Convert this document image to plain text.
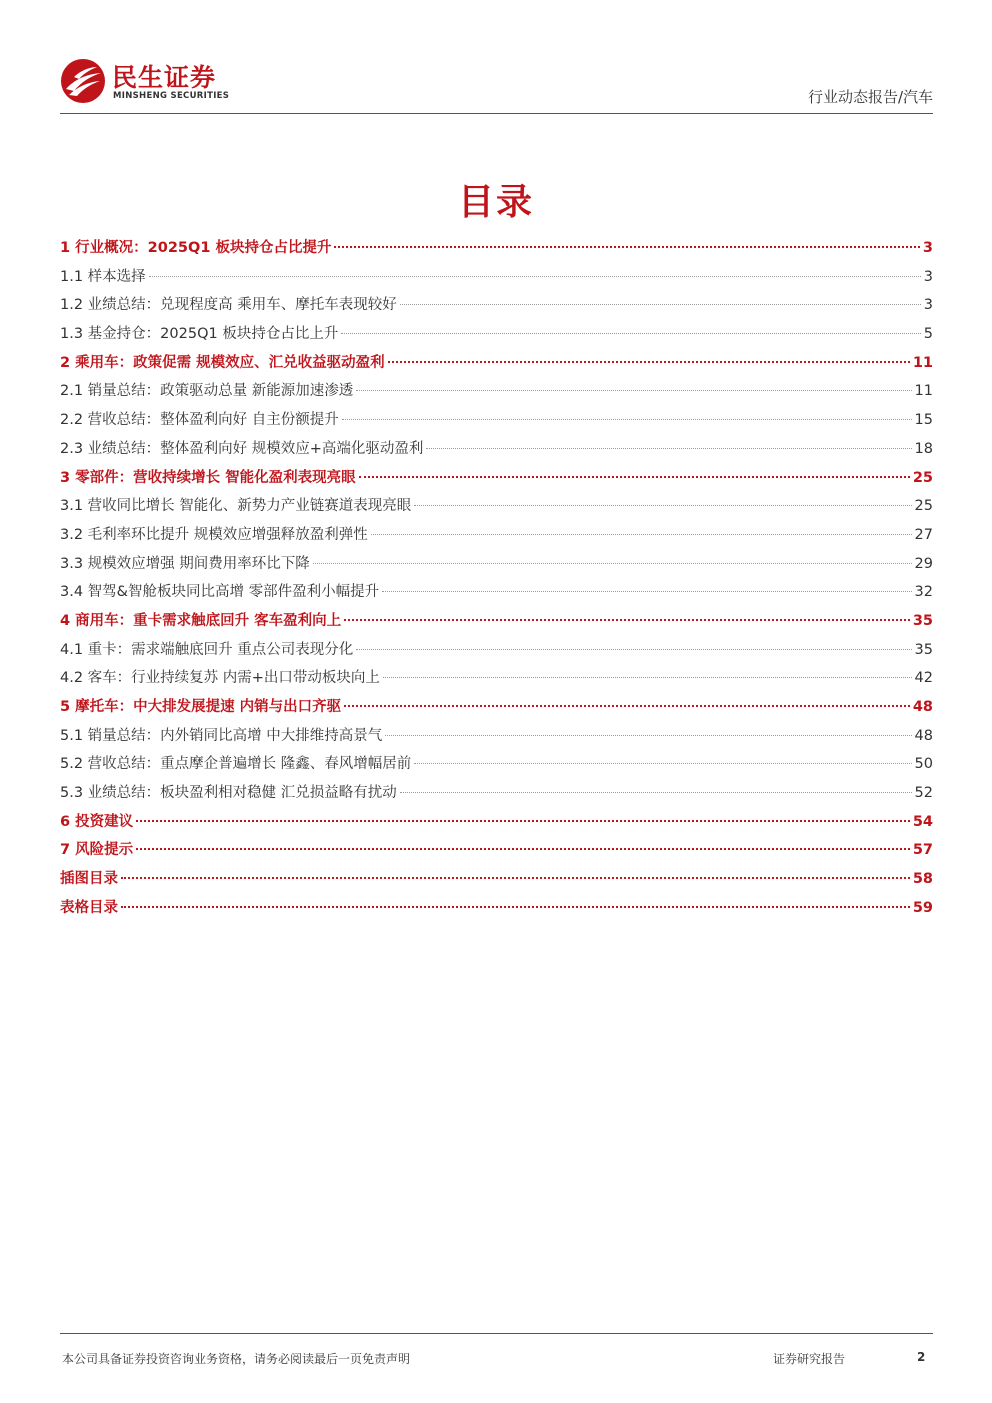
民生证券
MINSHENG SECURITIES	行业动态报告/汽车
目录
1 行业概况：2025Q1 板块持仓占比提升	3
1.1 样本选择	3
1.2 业绩总结：兑现程度高 乘用车、摩托车表现较好	3
1.3 基金持仓：2025Q1 板块持仓占比上升	5
2 乘用车：政策促需 规模效应、汇兑收益驱动盈利	11
2.1 销量总结：政策驱动总量 新能源加速渗透	11
2.2 营收总结：整体盈利向好 自主份额提升	15
2.3 业绩总结：整体盈利向好 规模效应+高端化驱动盈利	18
3 零部件：营收持续增长 智能化盈利表现亮眼	25
3.1 营收同比增长 智能化、新势力产业链赛道表现亮眼	25
3.2 毛利率环比提升 规模效应增强释放盈利弹性	27
3.3 规模效应增强 期间费用率环比下降	29
3.4 智驾&智舱板块同比高增 零部件盈利小幅提升	32
4 商用车：重卡需求触底回升 客车盈利向上	35
4.1 重卡：需求端触底回升 重点公司表现分化	35
4.2 客车：行业持续复苏 内需+出口带动板块向上	42
5 摩托车：中大排发展提速 内销与出口齐驱	48
5.1 销量总结：内外销同比高增 中大排维持高景气	48
5.2 营收总结：重点摩企普遍增长 隆鑫、春风增幅居前	50
5.3 业绩总结：板块盈利相对稳健 汇兑损益略有扰动	52
6 投资建议	54
7 风险提示	57
插图目录	58
表格目录	59
本公司具备证券投资咨询业务资格，请务必阅读最后一页免责声明	证券研究报告	2
